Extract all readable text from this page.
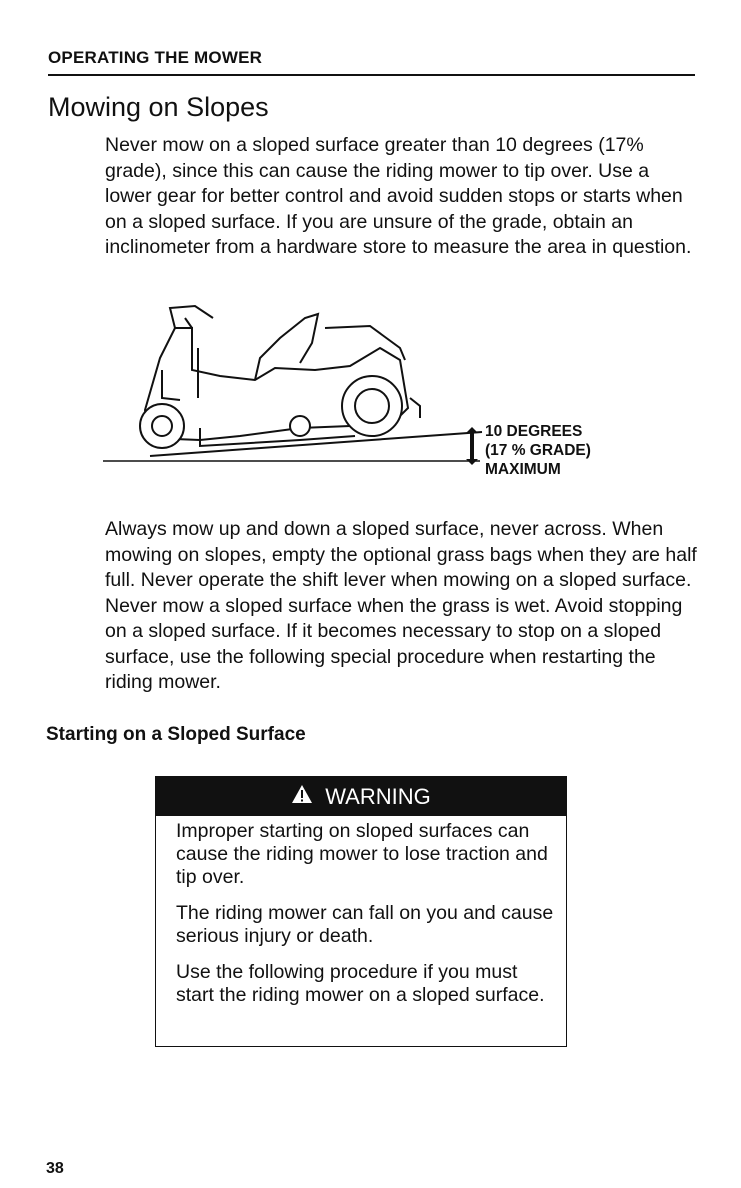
OPERATING THE MOWER
Mowing on Slopes
Never mow on a sloped surface greater than 10 degrees (17% grade), since this can cause the riding mower to tip over. Use a lower gear for better control and avoid sudden stops or starts when on a sloped surface. If you are unsure of the grade, obtain an inclinometer from a hardware store to measure the area in question.
10 DEGREES
(17 % GRADE)
MAXIMUM
Always mow up and down a sloped surface, never across. When mowing on slopes, empty the optional grass bags when they are half full. Never operate the shift lever when mowing on a sloped surface. Never mow a sloped surface when the grass is wet. Avoid stopping on a sloped surface. If it becomes necessary to stop on a sloped surface, use the following special procedure when restarting the riding mower.
Starting on a Sloped Surface
WARNING

Improper starting on sloped surfaces can cause the riding mower to lose traction and tip over.

The riding mower can fall on you and cause serious injury or death.

Use the following procedure if you must start the riding mower on a sloped surface.

38
